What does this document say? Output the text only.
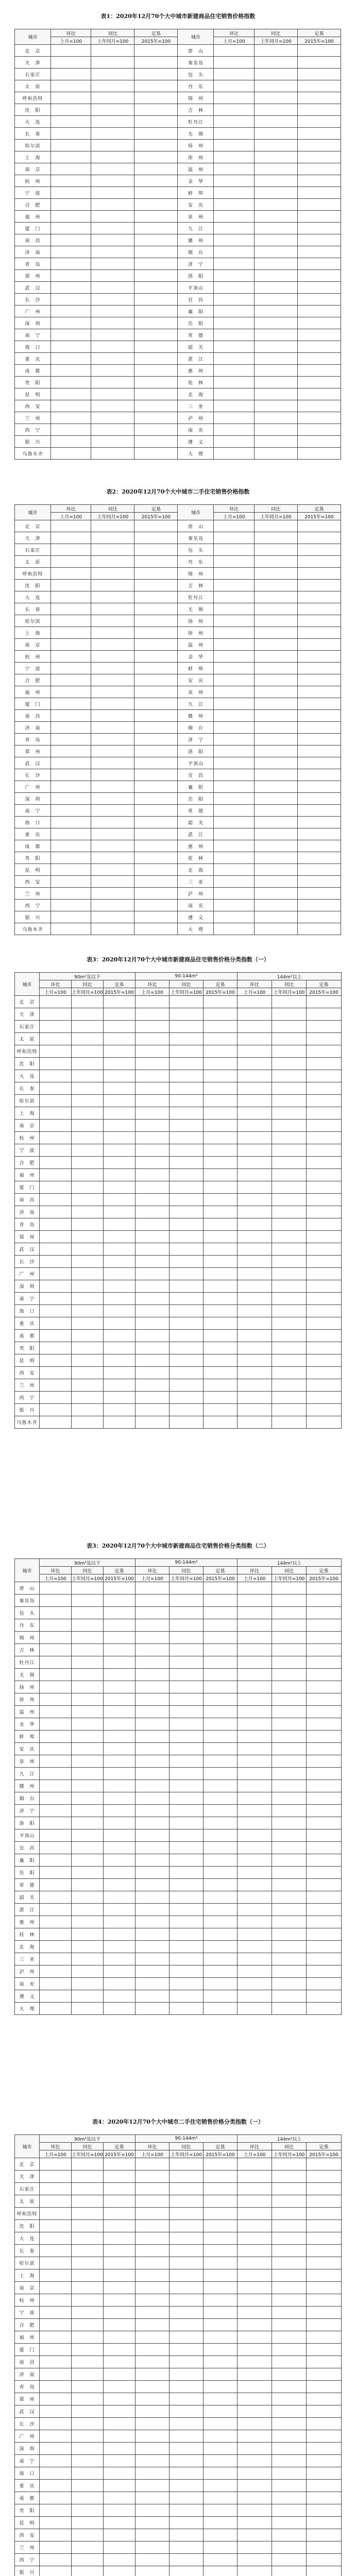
表1：2020年12月70个大中城市新建商品住宅销售价格指数
城市	环比	同比	定基	城市	环比	同比	定基
	上月=100	上年同月=100	2015年=100		上月=100	上年同月=100	2015年=100
北　京				唐　山			
天　津				秦皇岛			
石家庄				包　头			
太　原				丹　东			
呼和浩特				锦　州			
沈　阳				吉　林			
大　连				牡丹江			
长　春				无　锡			
哈尔滨				扬　州			
上　海				徐　州			
南　京				温　州			
杭　州				金　华			
宁　波				蚌　埠			
合　肥				安　庆			
福　州				泉　州			
厦　门				九　江			
南　昌				赣　州			
济　南				烟　台			
青　岛				济　宁			
郑　州				洛　阳			
武　汉				平顶山			
长　沙				宜　昌			
广　州				襄　阳			
深　圳				岳　阳			
南　宁				常　德			
海　口				韶　关			
重　庆				湛　江			
成　都				惠　州			
贵　阳				桂　林			
昆　明				北　海			
西　安				三　亚			
兰　州				泸　州			
西　宁				南　充			
银　川				遵　义			
乌鲁木齐				大　理			
表2：2020年12月70个大中城市二手住宅销售价格指数
城市	环比	同比	定基	城市	环比	同比	定基
	上月=100	上年同月=100	2015年=100		上月=100	上年同月=100	2015年=100
北　京				唐　山			
天　津				秦皇岛			
石家庄				包　头			
太　原				丹　东			
呼和浩特				锦　州			
沈　阳				吉　林			
大　连				牡丹江			
长　春				无　锡			
哈尔滨				扬　州			
上　海				徐　州			
南　京				温　州			
杭　州				金　华			
宁　波				蚌　埠			
合　肥				安　庆			
福　州				泉　州			
厦　门				九　江			
南　昌				赣　州			
济　南				烟　台			
青　岛				济　宁			
郑　州				洛　阳			
武　汉				平顶山			
长　沙				宜　昌			
广　州				襄　阳			
深　圳				岳　阳			
南　宁				常　德			
海　口				韶　关			
重　庆				湛　江			
成　都				惠　州			
贵　阳				桂　林			
昆　明				北　海			
西　安				三　亚			
兰　州				泸　州			
西　宁				南　充			
银　川				遵　义			
乌鲁木齐				大　理			
表3：2020年12月70个大中城市新建商品住宅销售价格分类指数（一）
城市	90m²及以下			90-144m²			144m²以上		
	环比	同比	定基	环比	同比	定基	环比	同比	定基
	上月=100	上年同月=100	2015年=100	上月=100	上年同月=100	2015年=100	上月=100	上年同月=100	2015年=100
北　京									
天　津									
石家庄									
太　原									
呼和浩特									
沈　阳									
大　连									
长　春									
哈尔滨									
上　海									
南　京									
杭　州									
宁　波									
合　肥									
福　州									
厦　门									
南　昌									
济　南									
青　岛									
郑　州									
武　汉									
长　沙									
广　州									
深　圳									
南　宁									
海　口									
重　庆									
成　都									
贵　阳									
昆　明									
西　安									
兰　州									
西　宁									
银　川									
乌鲁木齐									
表3：2020年12月70个大中城市新建商品住宅销售价格分类指数（二）
城市	90m²及以下			90-144m²			144m²以上		
	环比	同比	定基	环比	同比	定基	环比	同比	定基
	上月=100	上年同月=100	2015年=100	上月=100	上年同月=100	2015年=100	上月=100	上年同月=100	2015年=100
唐　山									
秦皇岛									
包　头									
丹　东									
锦　州									
吉　林									
牡丹江									
无　锡									
扬　州									
徐　州									
温　州									
金　华									
蚌　埠									
安　庆									
泉　州									
九　江									
赣　州									
烟　台									
济　宁									
洛　阳									
平顶山									
宜　昌									
襄　阳									
岳　阳									
常　德									
韶　关									
湛　江									
惠　州									
桂　林									
北　海									
三　亚									
泸　州									
南　充									
遵　义									
大　理									
表4：2020年12月70个大中城市二手住宅销售价格分类指数（一）
城市	90m²及以下			90-144m²			144m²以上		
	环比	同比	定基	环比	同比	定基	环比	同比	定基
	上月=100	上年同月=100	2015年=100	上月=100	上年同月=100	2015年=100	上月=100	上年同月=100	2015年=100
北　京									
天　津									
石家庄									
太　原									
呼和浩特									
沈　阳									
大　连									
长　春									
哈尔滨									
上　海									
南　京									
杭　州									
宁　波									
合　肥									
福　州									
厦　门									
南　昌									
济　南									
青　岛									
郑　州									
武　汉									
长　沙									
广　州									
深　圳									
南　宁									
海　口									
重　庆									
成　都									
贵　阳									
昆　明									
西　安									
兰　州									
西　宁									
银　川									
